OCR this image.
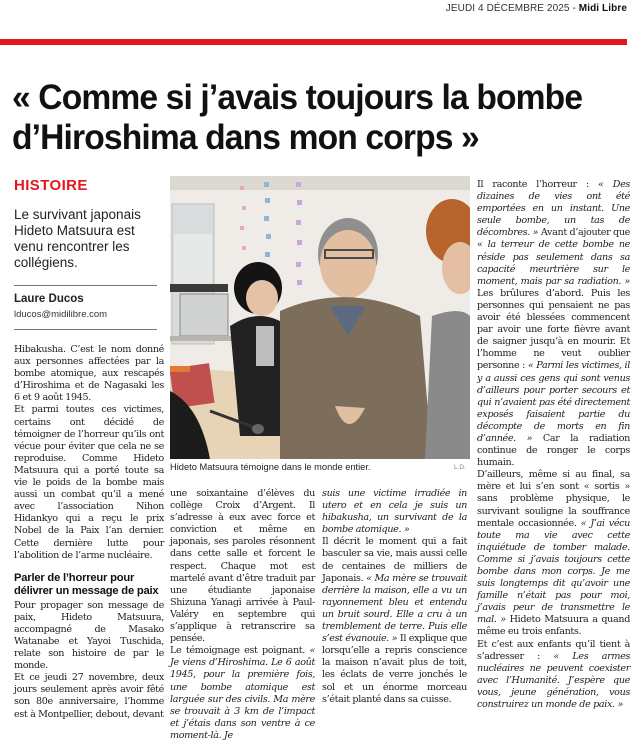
JEUDI 4 DÉCEMBRE 2025 - Midi Libre
« Comme si j’avais toujours la bombe d’Hiroshima dans mon corps »
HISTOIRE
Le survivant japonais Hideto Matsuura est venu rencontrer les collégiens.
Laure Ducos
lducos@midilibre.com

Hibakusha. C’est le nom donné aux personnes affectées par la bombe atomique, aux rescapés d’Hiroshima et de Nagasaki les 6 et 9 août 1945.

Et parmi toutes ces victimes, certains ont décidé de témoigner de l’horreur qu’ils ont vécue pour éviter que cela ne se reproduise. Comme Hideto Matsuura qui a porté toute sa vie le poids de la bombe mais aussi un combat qu’il a mené avec l’association Nihon Hidankyo qui a reçu le prix Nobel de la Paix l’an dernier. Cette dernière lutte pour l’abolition de l’arme nucléaire.

Parler de l’horreur pour délivrer un message de paix

Pour propager son message de paix, Hideto Matsuura, accompagné de Masako Watanabe et Yayoi Tuschida, relate son histoire de par le monde.

Et ce jeudi 27 novembre, deux jours seulement après avoir fêté son 80e anniversaire, l’homme est à Montpellier, debout, devant

Hideto Matsuura témoigne dans le monde entier.	L.D.

une soixantaine d’élèves du collège Croix d’Argent. Il s’adresse à eux avec force et conviction et même en japonais, ses paroles résonnent dans cette salle et forcent le respect. Chaque mot est martelé avant d’être traduit par une étudiante japonaise Shizuna Yanagi arrivée à Paul-Valéry en septembre qui s’applique à retranscrire sa pensée.

Le témoignage est poignant. « Je viens d’Hiroshima. Le 6 août 1945, pour la première fois, une bombe atomique est larguée sur des civils. Ma mère se trouvait à 3 km de l’impact et j’étais dans son ventre à ce moment-là. Je

suis une victime irradiée in utero et en cela je suis un hibakusha, un survivant de la bombe atomique. »

Il décrit le moment qui a fait basculer sa vie, mais aussi celle de centaines de milliers de Japonais. « Ma mère se trouvait derrière la maison, elle a vu un rayonnement bleu et entendu un bruit sourd. Elle a cru à un tremblement de terre. Puis elle s’est évanouie. » Il explique que lorsqu’elle a repris conscience la maison n’avait plus de toit, les éclats de verre jonchés le sol et un énorme morceau s’était planté dans sa cuisse.

Il raconte l’horreur : « Des dizaines de vies ont été emportées en un instant. Une seule bombe, un tas de décombres. » Avant d’ajouter que « la terreur de cette bombe ne réside pas seulement dans sa capacité meurtrière sur le moment, mais par sa radiation. » Les brûlures d’abord. Puis les personnes qui pensaient ne pas avoir été blessées commencent par avoir une forte fièvre avant de saigner jusqu’à en mourir. Et l’homme ne veut oublier personne : « Parmi les victimes, il y a aussi ces gens qui sont venus d’ailleurs pour porter secours et qui n’avaient pas été directement exposés faisaient partie du décompte de morts en fin d’année. » Car la radiation continue de ronger le corps humain.

D’ailleurs, même si au final, sa mère et lui s’en sont « sortis » sans problème physique, le survivant souligne la souffrance mentale occasionnée. « J’ai vécu toute ma vie avec cette inquiétude de tomber malade. Comme si j’avais toujours cette bombe dans mon corps. Je me suis longtemps dit qu’avoir une famille n’était pas pour moi, j’avais peur de transmettre le mal. » Hideto Matsuura a quand même eu trois enfants.

Et c’est aux enfants qu’il tient à s’adresser : « Les armes nucléaires ne peuvent coexister avec l’Humanité. J’espère que vous, jeune génération, vous construirez un monde de paix. »
